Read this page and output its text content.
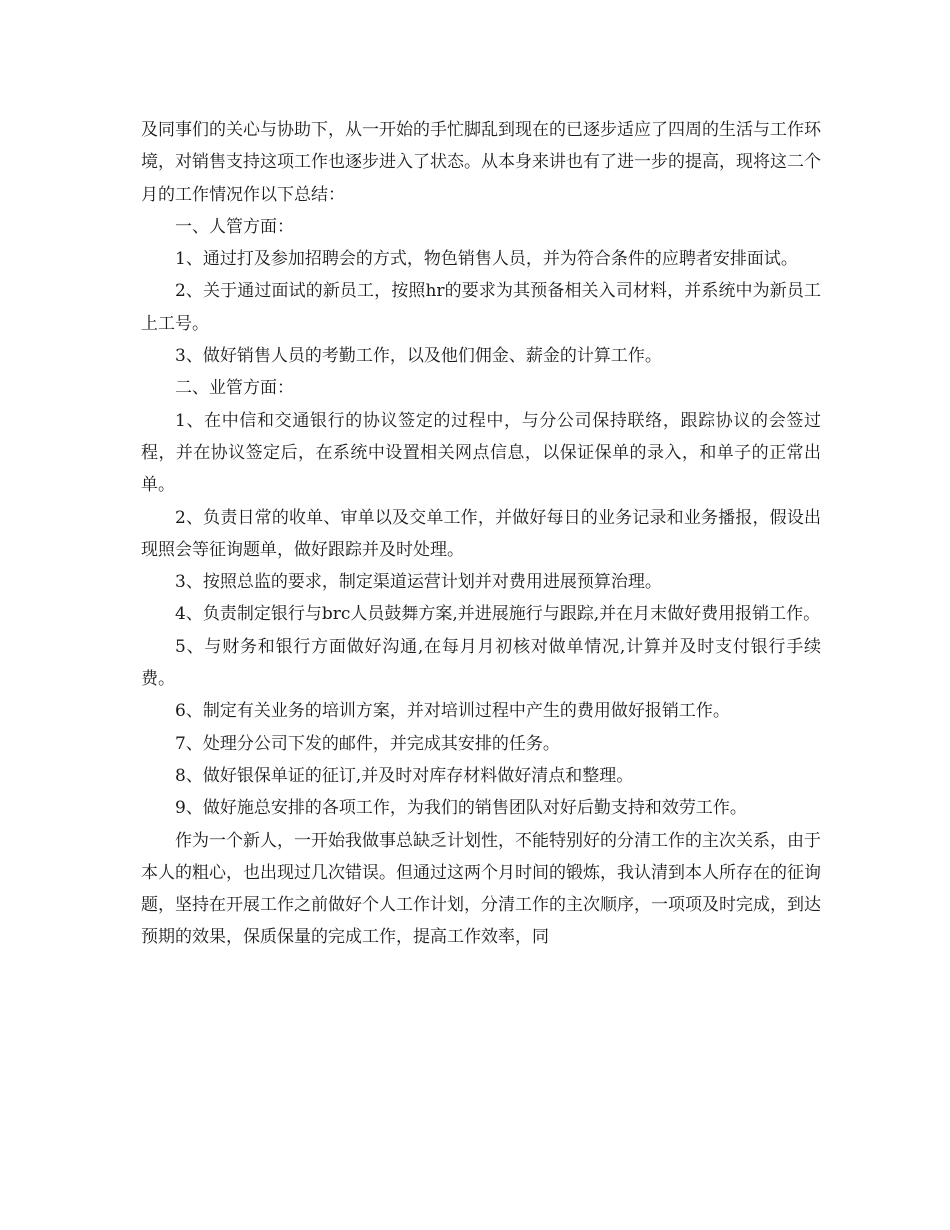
及同事们的关心与协助下，从一开始的手忙脚乱到现在的已逐步适应了四周的生活与工作环境，对销售支持这项工作也逐步进入了状态。从本身来讲也有了进一步的提高，现将这二个月的工作情况作以下总结：

一、人管方面：

1、通过打及参加招聘会的方式，物色销售人员，并为符合条件的应聘者安排面试。

2、关于通过面试的新员工，按照hr的要求为其预备相关入司材料，并系统中为新员工上工号。

3、做好销售人员的考勤工作，以及他们佣金、薪金的计算工作。

二、业管方面：

1、在中信和交通银行的协议签定的过程中，与分公司保持联络，跟踪协议的会签过程，并在协议签定后，在系统中设置相关网点信息，以保证保单的录入，和单子的正常出单。

2、负责日常的收单、审单以及交单工作，并做好每日的业务记录和业务播报，假设出现照会等征询题单，做好跟踪并及时处理。

3、按照总监的要求，制定渠道运营计划并对费用进展预算治理。

4、负责制定银行与brc人员鼓舞方案,并进展施行与跟踪,并在月末做好费用报销工作。

5、与财务和银行方面做好沟通,在每月月初核对做单情况,计算并及时支付银行手续费。

6、制定有关业务的培训方案，并对培训过程中产生的费用做好报销工作。

7、处理分公司下发的邮件，并完成其安排的任务。

8、做好银保单证的征订,并及时对库存材料做好清点和整理。

9、做好施总安排的各项工作，为我们的销售团队对好后勤支持和效劳工作。

作为一个新人，一开始我做事总缺乏计划性，不能特别好的分清工作的主次关系，由于本人的粗心，也出现过几次错误。但通过这两个月时间的锻炼，我认清到本人所存在的征询题，坚持在开展工作之前做好个人工作计划，分清工作的主次顺序，一项项及时完成，到达预期的效果，保质保量的完成工作，提高工作效率，同
